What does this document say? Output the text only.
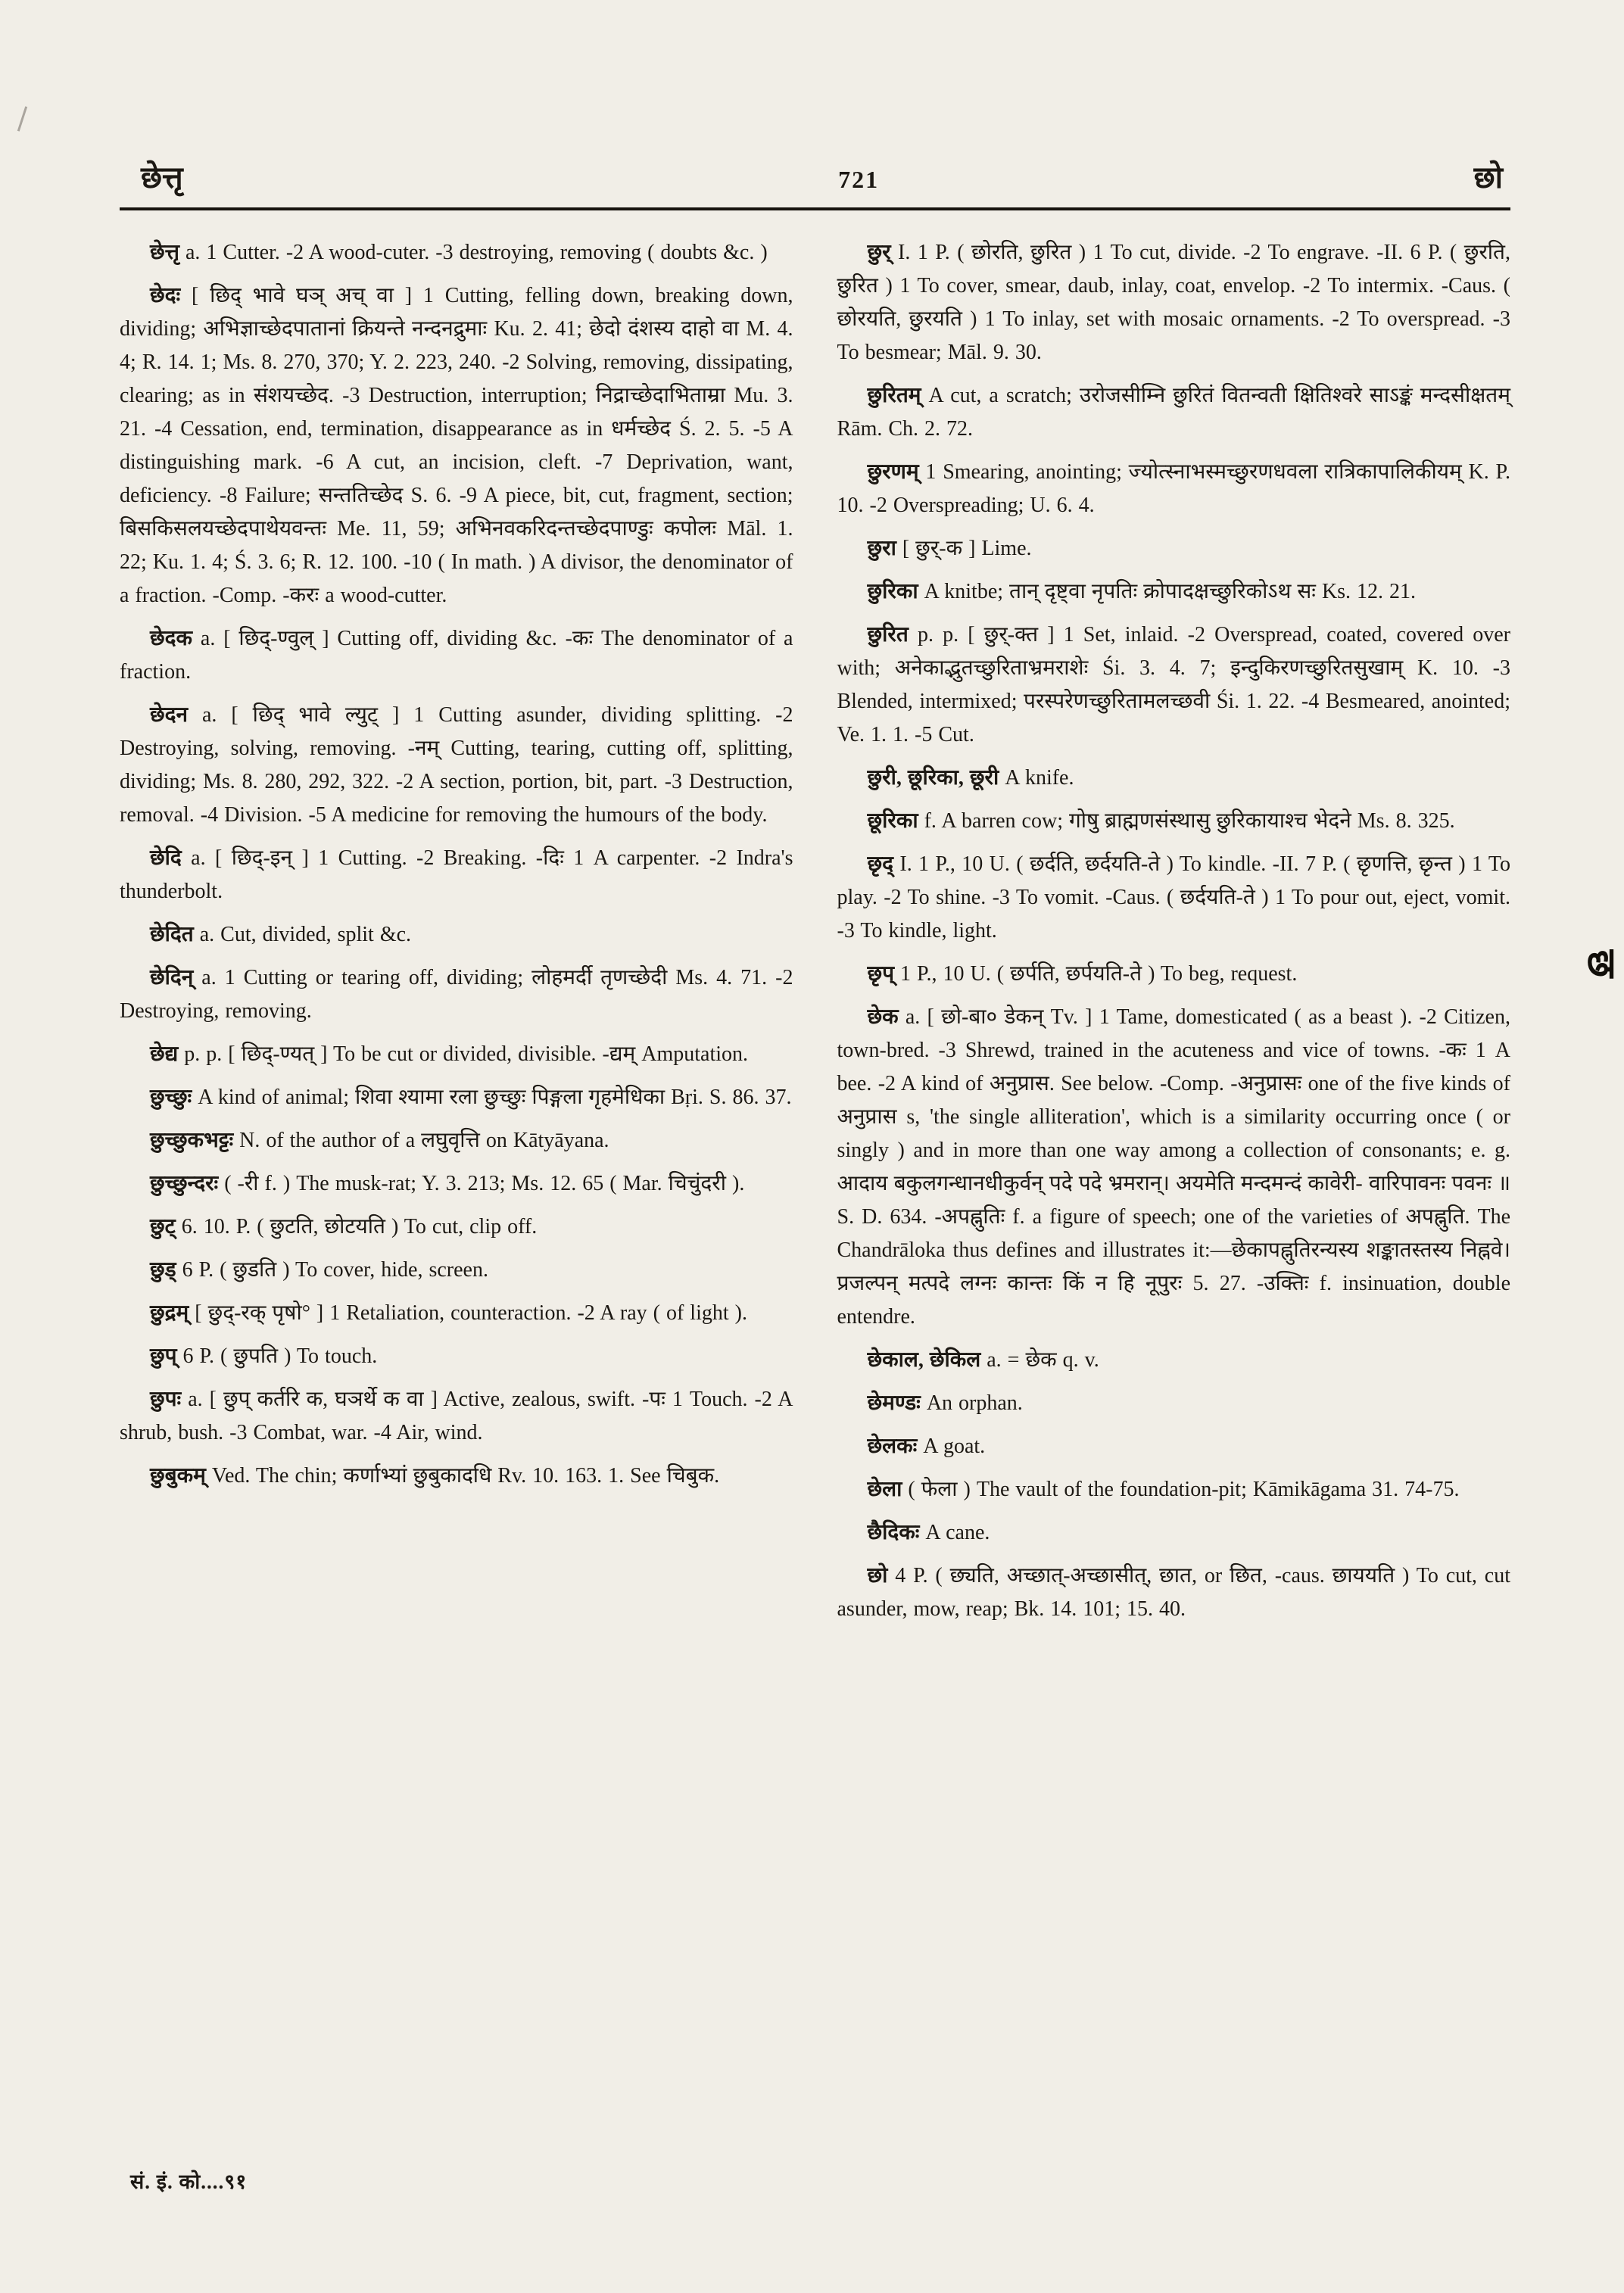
छेत्तृ	721	छो

छेत्तृ a. 1 Cutter. -2 A wood-cuter. -3 destroying, removing ( doubts &c. )

छेदः [ छिद् भावे घञ् अच् वा ] 1 Cutting, felling down, breaking down, dividing; अभिज्ञाच्छेदपातानां क्रियन्ते नन्दनद्रुमाः Ku. 2. 41; छेदो दंशस्य दाहो वा M. 4. 4; R. 14. 1; Ms. 8. 270, 370; Y. 2. 223, 240. -2 Solving, removing, dissipating, clearing; as in संशयच्छेद. -3 Destruction, interruption; निद्राच्छेदाभिताम्रा Mu. 3. 21. -4 Cessation, end, termination, disappearance as in धर्मच्छेद Ś. 2. 5. -5 A distinguishing mark. -6 A cut, an incision, cleft. -7 Deprivation, want, deficiency. -8 Failure; सन्ततिच्छेद S. 6. -9 A piece, bit, cut, fragment, section; बिसकिसलयच्छेदपाथेयवन्तः Me. 11, 59; अभिनवकरिदन्तच्छेदपाण्डुः कपोलः Māl. 1. 22; Ku. 1. 4; Ś. 3. 6; R. 12. 100. -10 ( In math. ) A divisor, the denominator of a fraction. -Comp. -करः a wood-cutter.

छेदक a. [ छिद्-ण्वुल् ] Cutting off, dividing &c. -कः The denominator of a fraction.

छेदन a. [ छिद् भावे ल्युट् ] 1 Cutting asunder, dividing splitting. -2 Destroying, solving, removing. -नम् Cutting, tearing, cutting off, splitting, dividing; Ms. 8. 280, 292, 322. -2 A section, portion, bit, part. -3 Destruction, removal. -4 Division. -5 A medicine for removing the humours of the body.

छेदि a. [ छिद्-इन् ] 1 Cutting. -2 Breaking. -दिः 1 A carpenter. -2 Indra's thunderbolt.

छेदित a. Cut, divided, split &c.

छेदिन् a. 1 Cutting or tearing off, dividing; लोहमर्दी तृणच्छेदी Ms. 4. 71. -2 Destroying, removing.

छेद्य p. p. [ छिद्-ण्यत् ] To be cut or divided, divisible. -द्यम् Amputation.

छुच्छुः A kind of animal; शिवा श्यामा रला छुच्छुः पिङ्गला गृहमेधिका Bṛi. S. 86. 37.

छुच्छुकभट्टः N. of the author of a लघुवृत्ति on Kātyāyana.

छुच्छुन्दरः ( -री f. ) The musk-rat; Y. 3. 213; Ms. 12. 65 ( Mar. चिचुंदरी ).

छुट् 6. 10. P. ( छुटति, छोटयति ) To cut, clip off.

छुड् 6 P. ( छुडति ) To cover, hide, screen.

छुद्रम् [ छुद्-रक् पृषो° ] 1 Retaliation, counteraction. -2 A ray ( of light ).

छुप् 6 P. ( छुपति ) To touch.

छुपः a. [ छुप् कर्तरि क, घञर्थे क वा ] Active, zealous, swift. -पः 1 Touch. -2 A shrub, bush. -3 Combat, war. -4 Air, wind.

छुबुकम् Ved. The chin; कर्णाभ्यां छुबुकादधि Rv. 10. 163. 1. See चिबुक.

छुर् I. 1 P. ( छोरति, छुरित ) 1 To cut, divide. -2 To engrave. -II. 6 P. ( छुरति, छुरित ) 1 To cover, smear, daub, inlay, coat, envelop. -2 To intermix. -Caus. ( छोरयति, छुरयति ) 1 To inlay, set with mosaic ornaments. -2 To overspread. -3 To besmear; Māl. 9. 30.

छुरितम् A cut, a scratch; उरोजसीम्नि छुरितं वितन्वती क्षितिश्वरे साऽङ्कं मन्दसीक्षतम् Rām. Ch. 2. 72.

छुरणम् 1 Smearing, anointing; ज्योत्स्नाभस्मच्छुरणधवला रात्रिकापालिकीयम् K. P. 10. -2 Overspreading; U. 6. 4.

छुरा [ छुर्-क ] Lime.

छुरिका A knitbe; तान् दृष्ट्वा नृपतिः क्रोपादक्षच्छुरिकोऽथ सः Ks. 12. 21.

छुरित p. p. [ छुर्-क्त ] 1 Set, inlaid. -2 Overspread, coated, covered over with; अनेकाद्भुतच्छुरिताभ्रमराशेः Śi. 3. 4. 7; इन्दुकिरणच्छुरितसुखाम् K. 10. -3 Blended, intermixed; परस्परेणच्छुरितामलच्छवी Śi. 1. 22. -4 Besmeared, anointed; Ve. 1. 1. -5 Cut.

छुरी, छूरिका, छूरी A knife.

छूरिका f. A barren cow; गोषु ब्राह्मणसंस्थासु छुरिकायाश्च भेदने Ms. 8. 325.

छृद् I. 1 P., 10 U. ( छर्दति, छर्दयति-ते ) To kindle. -II. 7 P. ( छृणत्ति, छृन्त ) 1 To play. -2 To shine. -3 To vomit. -Caus. ( छर्दयति-ते ) 1 To pour out, eject, vomit. -3 To kindle, light.

छृप् 1 P., 10 U. ( छर्पति, छर्पयति-ते ) To beg, request.

छेक a. [ छो-बा० डेकन् Tv. ] 1 Tame, domesticated ( as a beast ). -2 Citizen, town-bred. -3 Shrewd, trained in the acuteness and vice of towns. -कः 1 A bee. -2 A kind of अनुप्रास. See below. -Comp. -अनुप्रासः one of the five kinds of अनुप्रास s, 'the single alliteration', which is a similarity occurring once ( or singly ) and in more than one way among a collection of consonants; e. g. आदाय बकुलगन्धानधीकुर्वन् पदे पदे भ्रमरान्। अयमेति मन्दमन्दं कावेरी- वारिपावनः पवनः ॥ S. D. 634. -अपह्नुतिः f. a figure of speech; one of the varieties of अपह्नुति. The Chandrāloka thus defines and illustrates it:—छेकापह्नुतिरन्यस्य शङ्कातस्तस्य निह्नवे। प्रजल्पन् मत्पदे लग्नः कान्तः किं न हि नूपुरः 5. 27. -उक्तिः f. insinuation, double entendre.

छेकाल, छेकिल a. = छेक q. v.

छेमण्डः An orphan.

छेलकः A goat.

छेला ( फेला ) The vault of the foundation-pit; Kāmikāgama 31. 74-75.

छैदिकः A cane.

छो 4 P. ( छ्यति, अच्छात्-अच्छासीत्, छात, or छित, -caus. छाययति ) To cut, cut asunder, mow, reap; Bk. 14. 101; 15. 40.

सं. इं. को....९१
छ
